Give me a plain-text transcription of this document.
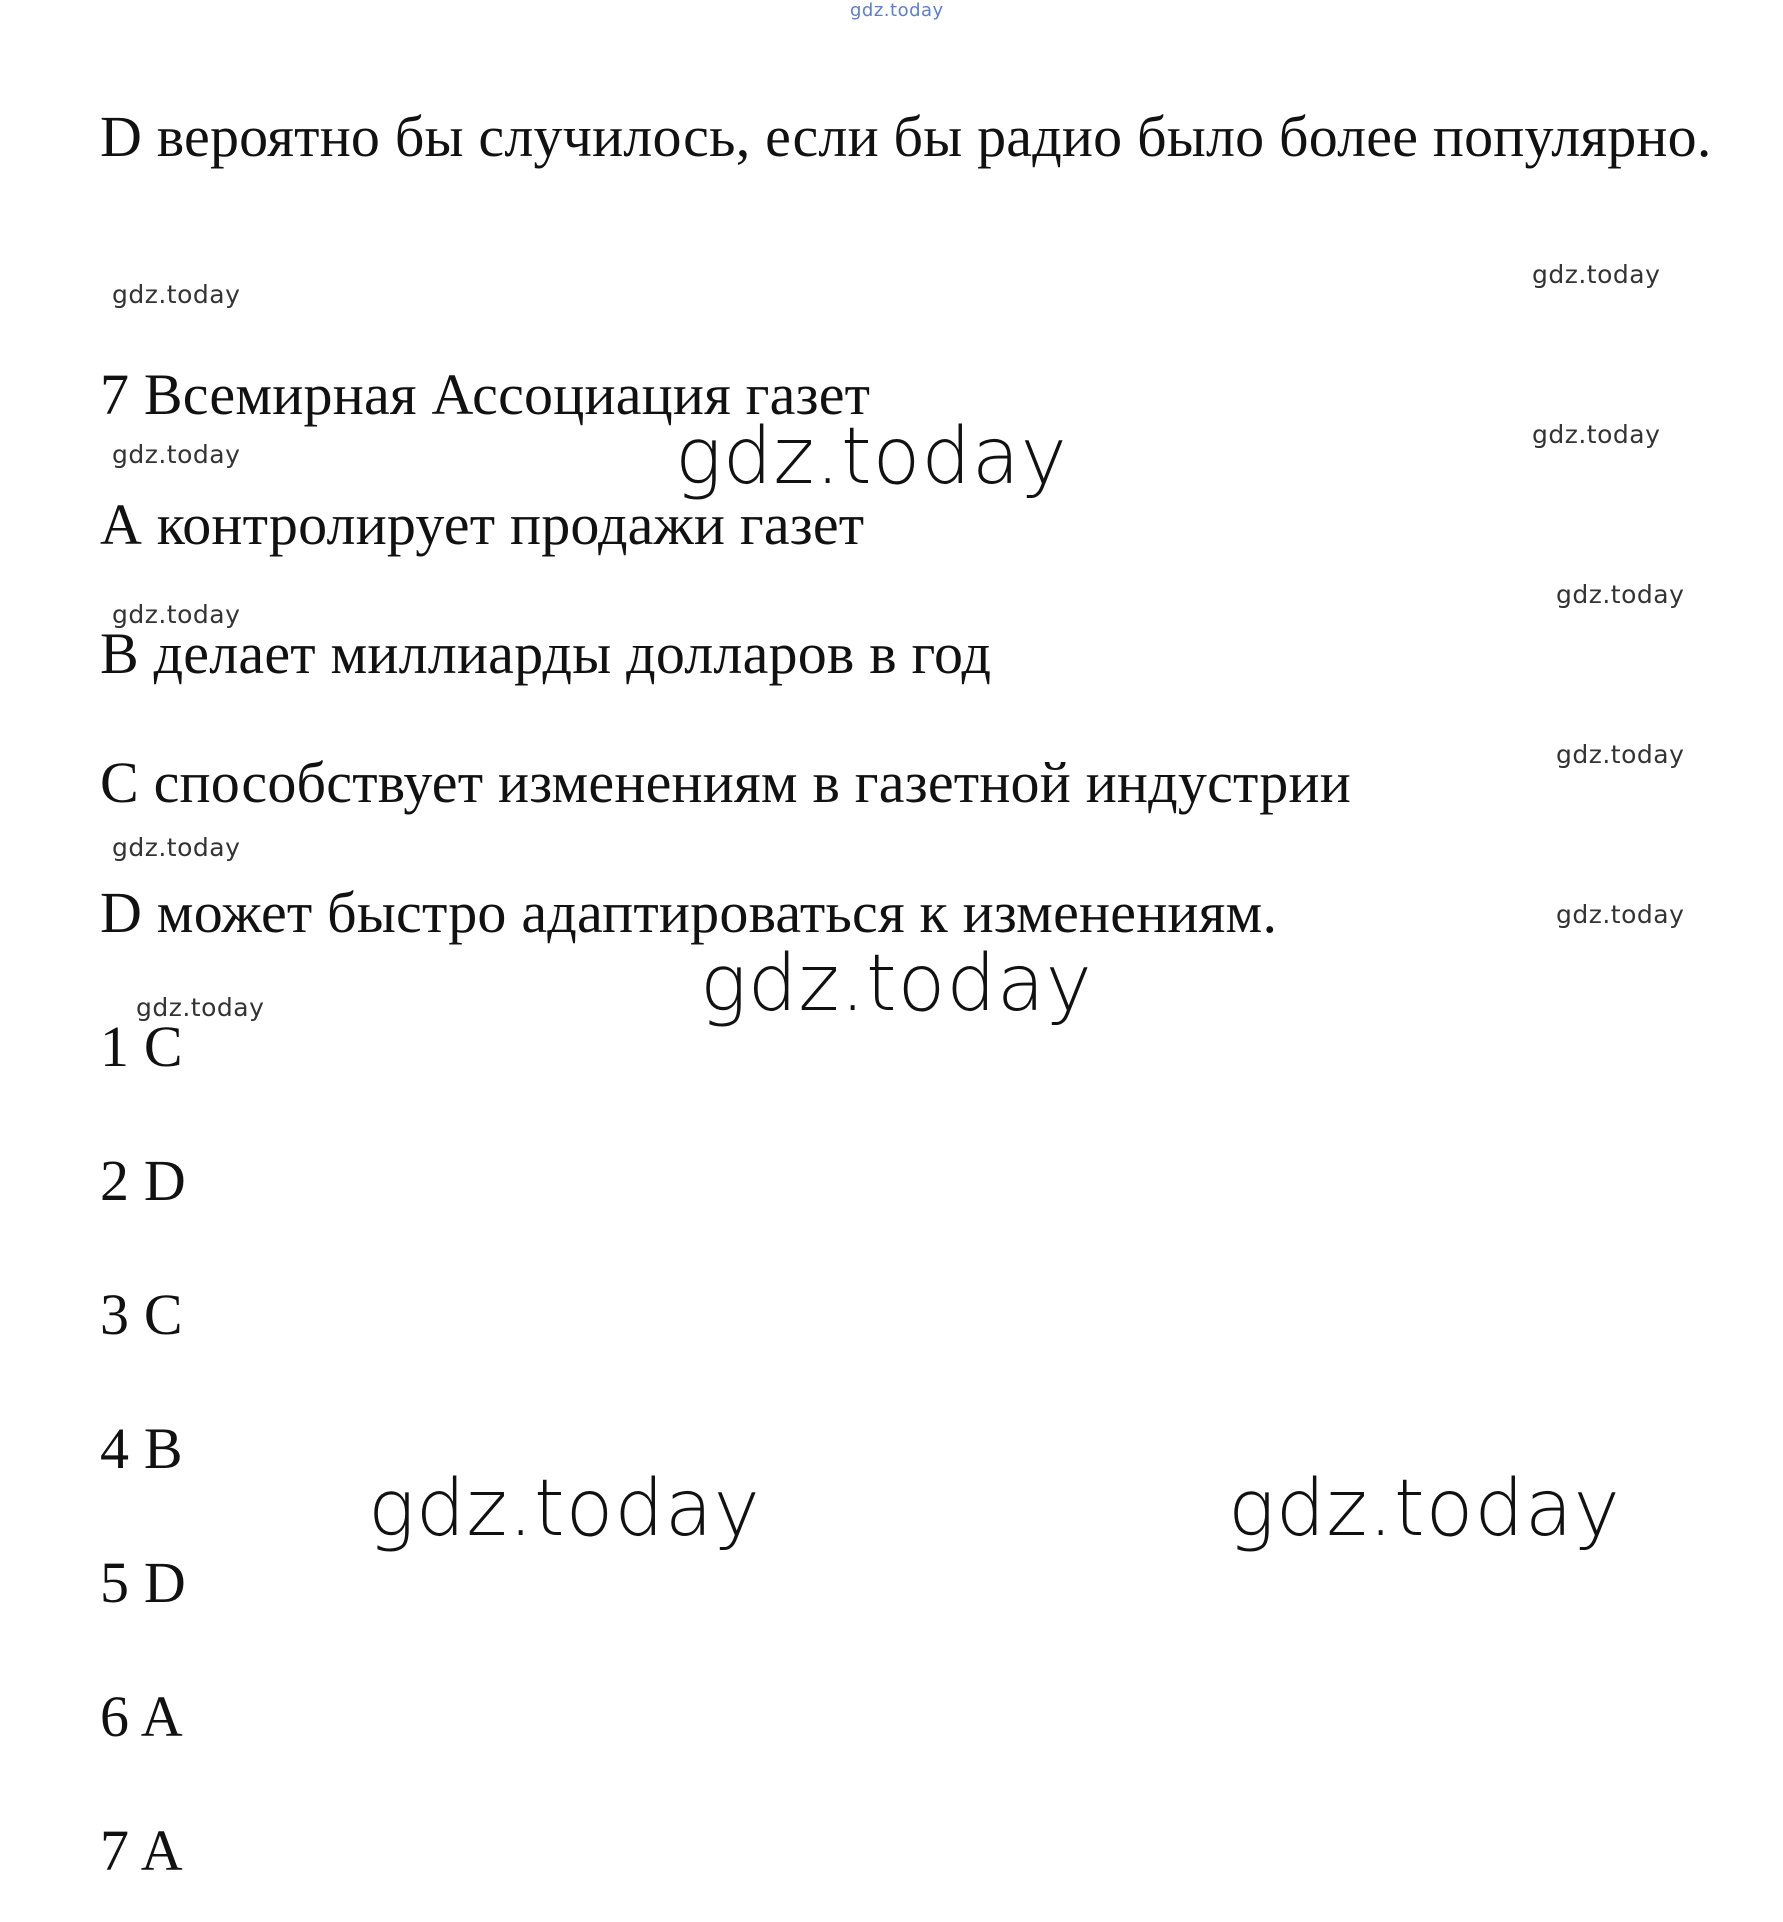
gdz.today
D вероятно бы случилось, если бы радио было более популярно.
7 Всемирная Ассоциация газет
А контролирует продажи газет
В делает миллиарды долларов в год
С способствует изменениям в газетной индустрии
D может быстро адаптироваться к изменениям.
1 C
2 D
3 C
4 B
5 D
6 A
7 A
gdz.today
gdz.today
gdz.today
gdz.today
gdz.today
gdz.today
gdz.today
gdz.today
gdz.today
gdz.today
gdz.today
gdz.today
gdz.today	gdz.today
